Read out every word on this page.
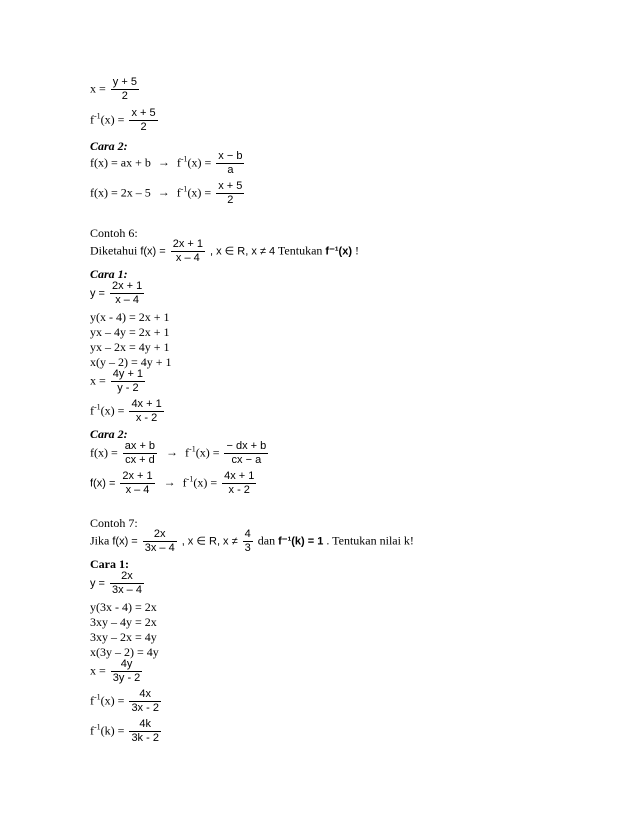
$x = \frac{y + 5}{2}$
$f^{-1}(x) = \frac{x + 5}{2}$
Cara 2:
f(x) = ax + $b \to f^{-1}(x) = \frac{x - b}{a}$
$f(x) = 2x - 5 \to f^{-1}(x) = \frac{x + 5}{2}$
Contoh 6:
Diketahui $f(x) = \frac{2x + 1}{x - 4}$ , x ∈ R, x ≠ 4 Tentukan f⁻¹(x) !
Cara 1:
$y = \frac{2x + 1}{x - 4}$
y(x - 4) = 2x + 1
yx – 4y = 2x + 1
yx – 2x = 4y + 1
x(y – 2) = 4y + 1
$x = \frac{4y + 1}{y - 2}$
$f^{-1}(x) = \frac{4x + 1}{x - 2}$
Cara 2:
$f(x) = \frac{ax + b}{cx + d} \to f^{-1}(x) = \frac{- dx + b}{cx - a}$
$f(x) = \frac{2x + 1}{x - 4} \to f^{-1}(x) = \frac{4x + 1}{x - 2}$
Contoh 7:
Jika $f(x) = \frac{2x}{3x - 4}$ , x ∈ R, $x \ne \frac{4}{3}$ dan f⁻¹(k) = 1 . Tentukan nilai k!
Cara 1:
$y = \frac{2x}{3x - 4}$
y(3x - 4) = 2x
3xy – 4y = 2x
3xy – 2x = 4y
x(3y – 2) = 4y
$x = \frac{4y}{3y - 2}$
$f^{-1}(x) = \frac{4x}{3x - 2}$
$f^{-1}(k) = \frac{4k}{3k - 2}$
